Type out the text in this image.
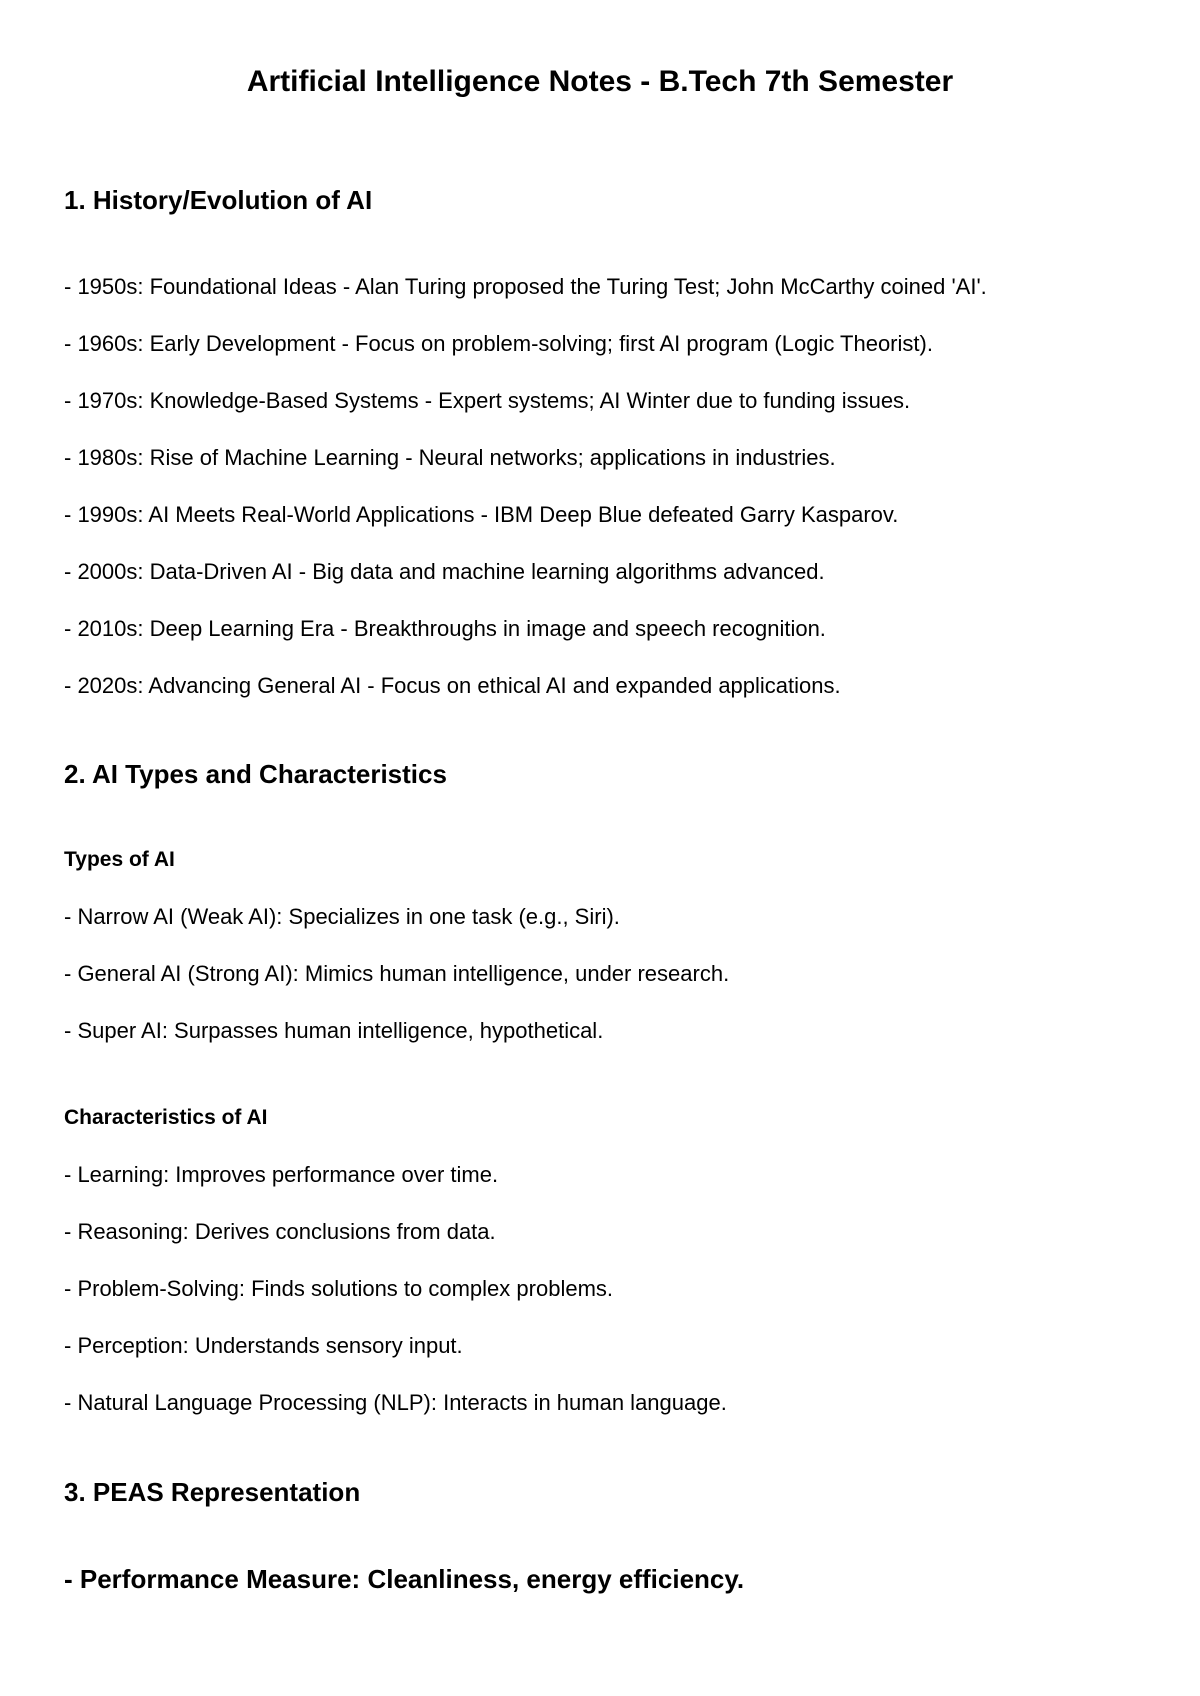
Artificial Intelligence Notes - B.Tech 7th Semester
1. History/Evolution of AI

- 1950s: Foundational Ideas - Alan Turing proposed the Turing Test; John McCarthy coined 'AI'.

- 1960s: Early Development - Focus on problem-solving; first AI program (Logic Theorist).

- 1970s: Knowledge-Based Systems - Expert systems; AI Winter due to funding issues.

- 1980s: Rise of Machine Learning - Neural networks; applications in industries.

- 1990s: AI Meets Real-World Applications - IBM Deep Blue defeated Garry Kasparov.

- 2000s: Data-Driven AI - Big data and machine learning algorithms advanced.

- 2010s: Deep Learning Era - Breakthroughs in image and speech recognition.

- 2020s: Advancing General AI - Focus on ethical AI and expanded applications.

2. AI Types and Characteristics
Types of AI

- Narrow AI (Weak AI): Specializes in one task (e.g., Siri).

- General AI (Strong AI): Mimics human intelligence, under research.

- Super AI: Surpasses human intelligence, hypothetical.

Characteristics of AI

- Learning: Improves performance over time.

- Reasoning: Derives conclusions from data.

- Problem-Solving: Finds solutions to complex problems.

- Perception: Understands sensory input.

- Natural Language Processing (NLP): Interacts in human language.

3. PEAS Representation

- Performance Measure: Cleanliness, energy efficiency.
